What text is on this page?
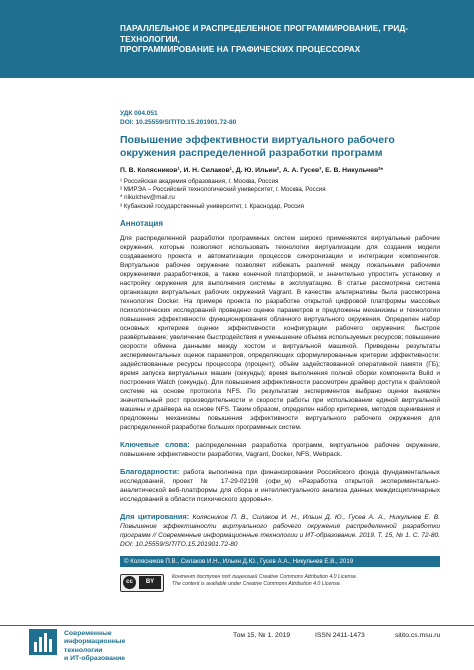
ПАРАЛЛЕЛЬНОЕ И РАСПРЕДЕЛЕННОЕ ПРОГРАММИРОВАНИЕ, ГРИД-ТЕХНОЛОГИИ,
ПРОГРАММИРОВАНИЕ НА ГРАФИЧЕСКИХ ПРОЦЕССОРАХ
УДК 004.051
DOI: 10.25559/SITITO.15.201901.72-80
Повышение эффективности виртуального рабочего
окружения распределенной разработки программ
П. В. Колясников¹, И. Н. Силаков¹, Д. Ю. Ильин², А. А. Гусев³, Е. В. Никульчев²*
¹ Российская академия образования, г. Москва, Россия
² МИРЭА – Российский технологический университет, г. Москва, Россия
* nikulchev@mail.ru
³ Кубанский государственный университет, г. Краснодар, Россия
Аннотация
Для распределенной разработки программных систем широко применяются виртуальные рабочие окружения, которые позволяют использовать технологии виртуализации для создания модели создаваемого проекта и автоматизации процессов синхронизации и интеграции компонентов. Виртуальное рабочее окружение позволяет избежать различий между локальными рабочими окружениями разработчиков, а также конечной платформой, и значительно упростить установку и настройку окружения для выполнения системы в эксплуатацию. В статье рассмотрена система организации виртуальных рабочих окружений Vagrant. В качестве альтернативы была рассмотрена технология Docker. На примере проекта по разработке открытой цифровой платформы массовых психологических исследований проведено оценке параметров и предложены механизмы и технологии повышения эффективности функционирования облачного виртуального окружения. Определен набор основных критериев оценки эффективности конфигурации рабочего окружения: быстрое развёртывание; увеличение быстродействия и уменьшение объема используемых ресурсов; повышение скорости обмена данными между хостом и виртуальной машиной. Приведены результаты экспериментальных оценок параметров, определяющих сформулированные критерии эффективности: задействованные ресурсы процессора (процент); объём задействованной оперативной памяти (ГБ); время запуска виртуальных машин (секунды); время выполнения полной сборки компонента Build и построения Watch (секунды). Для повышения эффективности рассмотрен драйвер доступа к файловой системе на основе протокола NFS. По результатам экспериментов выбрано оценки выявлен значительный рост производительности и скорости работы при использовании единой виртуальной машины и драйвера на основе NFS. Таким образом, определен набор критериев, методов оценивания и предложены механизмы повышения эффективности виртуального рабочего окружения для распределенной разработке больших программных систем.
Ключевые слова: распределенная разработка программ, виртуальное рабочее окружение, повышение эффективности разработки, Vagrant, Docker, NFS, Webpack.
Благодарности: работа выполнена при финансировании Российского фонда фундаментальных исследований, проект № 17-29-02198 (офи_м) «Разработка открытой экспериментально-аналитической веб-платформы для сбора и интеллектуального анализа данных междисциплинарных исследований в области психического здоровья».
Для цитирования: Колясников П. В., Силаков И. Н., Ильин Д. Ю., Гусев А. А., Никульчев Е. В. Повышение эффективности виртуального рабочего окружения распределенной разработки программ // Современные информационные технологии и ИТ-образование. 2019. Т. 15, № 1. С. 72-80. DOI: 10.25559/SITITO.15.201901.72-80
© Колясников П.В., Силаков И.Н., Ильин Д.Ю., Гусев А.А., Никульчев Е.В., 2019
cc	BY
Контент доступен под лицензией Creative Commons Attribution 4.0 License.
The content is available under Creative Commons Attribution 4.0 License.
Современные
информационные
технологии
и ИТ-образование
Том 15, № 1. 2019	ISSN 2411-1473	sitito.cs.msu.ru
